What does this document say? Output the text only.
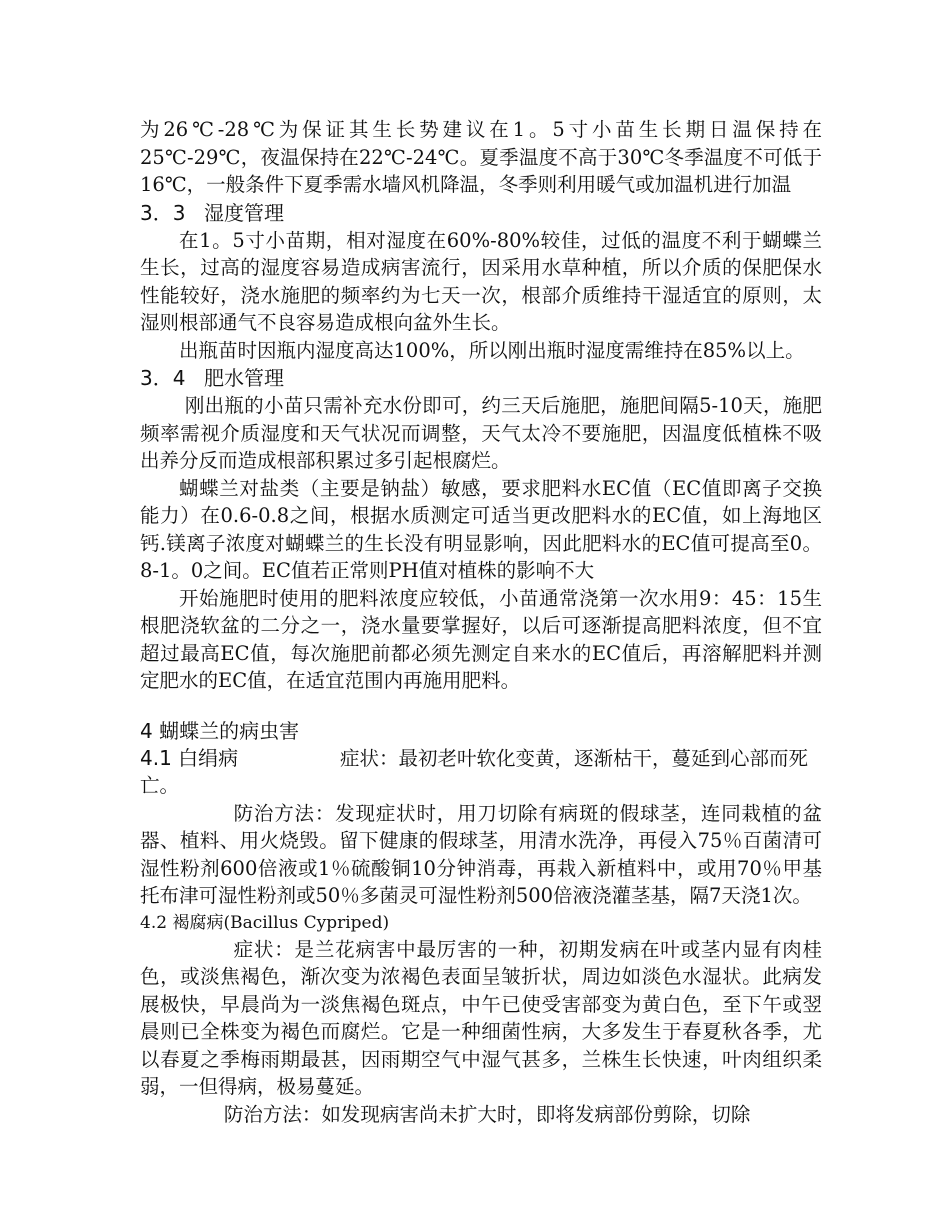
为26℃-28℃为保证其生长势建议在1。5寸小苗生长期日温保持在25℃-29℃，夜温保持在22℃-24℃。夏季温度不高于30℃冬季温度不可低于16℃，一般条件下夏季需水墙风机降温，冬季则利用暖气或加温机进行加温

3．3 湿度管理

在1。5寸小苗期，相对湿度在60%-80%较佳，过低的温度不利于蝴蝶兰生长，过高的湿度容易造成病害流行，因采用水草种植，所以介质的保肥保水性能较好，浇水施肥的频率约为七天一次，根部介质维持干湿适宜的原则，太湿则根部通气不良容易造成根向盆外生长。

出瓶苗时因瓶内湿度高达100%，所以刚出瓶时湿度需维持在85%以上。

3．4 肥水管理

刚出瓶的小苗只需补充水份即可，约三天后施肥，施肥间隔5-10天，施肥频率需视介质湿度和天气状况而调整，天气太冷不要施肥，因温度低植株不吸出养分反而造成根部积累过多引起根腐烂。

蝴蝶兰对盐类（主要是钠盐）敏感，要求肥料水EC值（EC值即离子交换能力）在0.6-0.8之间，根据水质测定可适当更改肥料水的EC值，如上海地区钙.镁离子浓度对蝴蝶兰的生长没有明显影响，因此肥料水的EC值可提高至0。8-1。0之间。EC值若正常则PH值对植株的影响不大

开始施肥时使用的肥料浓度应较低，小苗通常浇第一次水用9：45：15生根肥浇软盆的二分之一，浇水量要掌握好，以后可逐渐提高肥料浓度，但不宜超过最高EC值，每次施肥前都必须先测定自来水的EC值后，再溶解肥料并测定肥水的EC值，在适宜范围内再施用肥料。

4 蝴蝶兰的病虫害

4.1 白绢病	症状：最初老叶软化变黄，逐渐枯干，蔓延到心部而死亡。

防治方法：发现症状时，用刀切除有病斑的假球茎，连同栽植的盆器、植料、用火烧毁。留下健康的假球茎，用清水洗净，再侵入75％百菌清可湿性粉剂600倍液或1％硫酸铜10分钟消毒，再栽入新植料中，或用70％甲基托布津可湿性粉剂或50％多菌灵可湿性粉剂500倍液浇灌茎基，隔7天浇1次。

4.2 褐腐病(Bacillus Cypriped)

症状：是兰花病害中最厉害的一种，初期发病在叶或茎内显有肉桂色，或淡焦褐色，渐次变为浓褐色表面呈皱折状，周边如淡色水湿状。此病发展极快，早晨尚为一淡焦褐色斑点，中午已使受害部变为黄白色，至下午或翌晨则已全株变为褐色而腐烂。它是一种细菌性病，大多发生于春夏秋各季，尤以春夏之季梅雨期最甚，因雨期空气中湿气甚多，兰株生长快速，叶肉组织柔弱，一但得病，极易蔓延。

防治方法：如发现病害尚未扩大时，即将发病部份剪除，切除
